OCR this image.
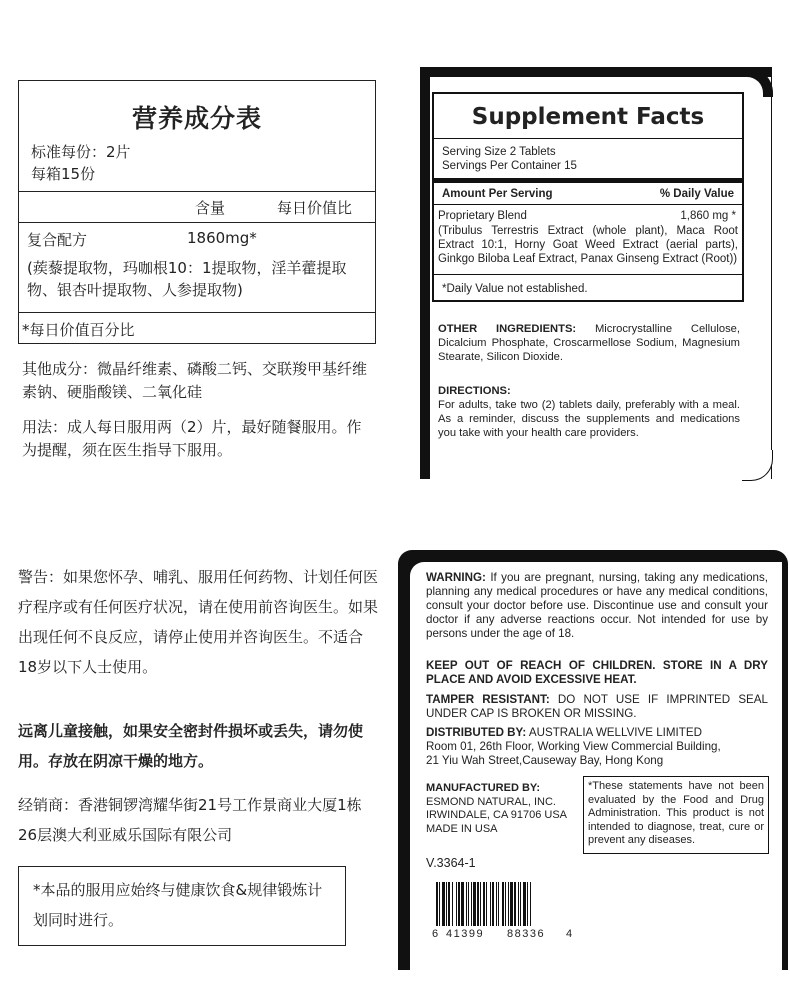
营养成分表
标准每份：2片
每箱15份
含量	每日价值比
复合配方	1860mg*
(蒺藜提取物，玛咖根10：1提取物，淫羊藿提取物、银杏叶提取物、人参提取物)
*每日价值百分比
其他成分：微晶纤维素、磷酸二钙、交联羧甲基纤维素钠、硬脂酸镁、二氧化硅
用法：成人每日服用两（2）片，最好随餐服用。作为提醒，须在医生指导下服用。
Supplement Facts
Serving Size 2 Tablets
Servings Per Container 15
Amount Per Serving	% Daily Value
Proprietary Blend	1,860 mg *
(Tribulus Terrestris Extract (whole plant), Maca Root Extract 10:1, Horny Goat Weed Extract (aerial parts), Ginkgo Biloba Leaf Extract, Panax Ginseng Extract (Root))
*Daily Value not established.
OTHER INGREDIENTS: Microcrystalline Cellulose, Dicalcium Phosphate, Croscarmellose Sodium, Magnesium Stearate, Silicon Dioxide.
DIRECTIONS:
For adults, take two (2) tablets daily, preferably with a meal. As a reminder, discuss the supplements and medications you take with your health care providers.
警告：如果您怀孕、哺乳、服用任何药物、计划任何医疗程序或有任何医疗状况，请在使用前咨询医生。如果出现任何不良反应，请停止使用并咨询医生。不适合18岁以下人士使用。
远离儿童接触，如果安全密封件损坏或丢失，请勿使用。存放在阴凉干燥的地方。
经销商：香港铜锣湾耀华街21号工作景商业大厦1栋26层澳大利亚威乐国际有限公司
*本品的服用应始终与健康饮食&规律锻炼计划同时进行。
WARNING: If you are pregnant, nursing, taking any medications, planning any medical procedures or have any medical conditions, consult your doctor before use. Discontinue use and consult your doctor if any adverse reactions occur. Not intended for use by persons under the age of 18.
KEEP OUT OF REACH OF CHILDREN. STORE IN A DRY PLACE AND AVOID EXCESSIVE HEAT.
TAMPER RESISTANT: DO NOT USE IF IMPRINTED SEAL UNDER CAP IS BROKEN OR MISSING.
DISTRIBUTED BY: AUSTRALIA WELLVIVE LIMITED
Room 01, 26th Floor, Working View Commercial Building,
21 Yiu Wah Street,Causeway Bay, Hong Kong
MANUFACTURED BY:
ESMOND NATURAL, INC.
IRWINDALE, CA 91706 USA
MADE IN USA
*These statements have not been evaluated by the Food and Drug Administration. This product is not intended to diagnose, treat, cure or prevent any diseases.
V.3364-1
6 41399 88336 4
